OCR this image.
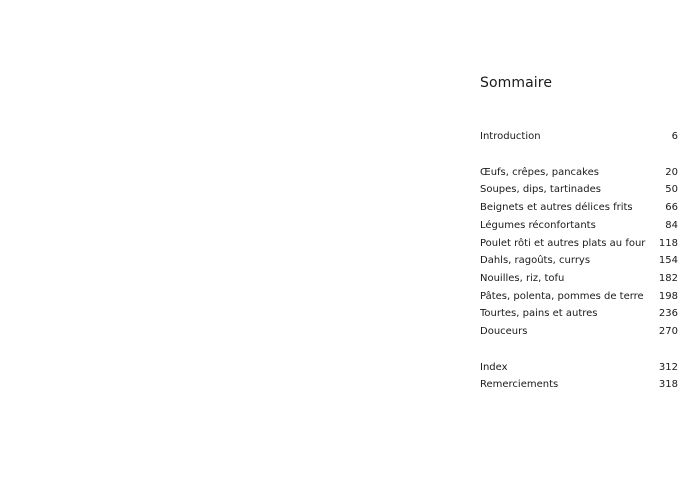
Sommaire
Introduction	6
Œufs, crêpes, pancakes	20
Soupes, dips, tartinades	50
Beignets et autres délices frits	66
Légumes réconfortants	84
Poulet rôti et autres plats au four 118
Dahls, ragoûts, currys	154
Nouilles, riz, tofu	182
Pâtes, polenta, pommes de terre 198
Tourtes, pains et autres	236
Douceurs	270
Index	312
Remerciements	318
